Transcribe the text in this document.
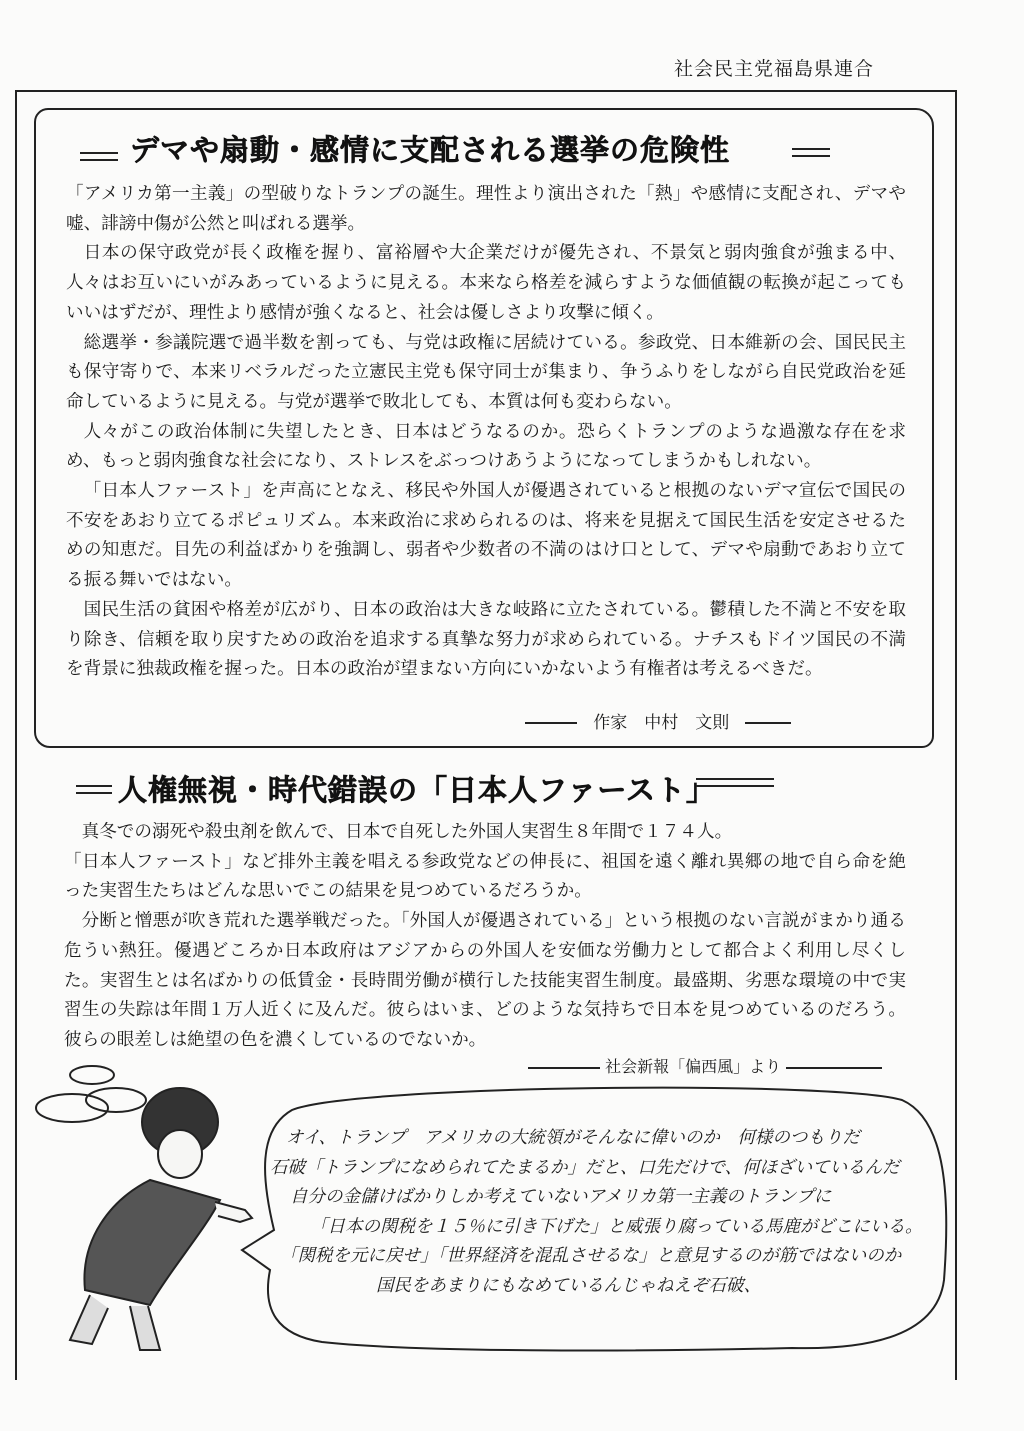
社会民主党福島県連合
デマや扇動・感情に支配される選挙の危険性

「アメリカ第一主義」の型破りなトランプの誕生。理性より演出された「熱」や感情に支配され、デマや嘘、誹謗中傷が公然と叫ばれる選挙。

日本の保守政党が長く政権を握り、富裕層や大企業だけが優先され、不景気と弱肉強食が強まる中、人々はお互いにいがみあっているように見える。本来なら格差を減らすような価値観の転換が起こってもいいはずだが、理性より感情が強くなると、社会は優しさより攻撃に傾く。

総選挙・参議院選で過半数を割っても、与党は政権に居続けている。参政党、日本維新の会、国民民主も保守寄りで、本来リベラルだった立憲民主党も保守同士が集まり、争うふりをしながら自民党政治を延命しているように見える。与党が選挙で敗北しても、本質は何も変わらない。

人々がこの政治体制に失望したとき、日本はどうなるのか。恐らくトランプのような過激な存在を求め、もっと弱肉強食な社会になり、ストレスをぶっつけあうようになってしまうかもしれない。

「日本人ファースト」を声高にとなえ、移民や外国人が優遇されていると根拠のないデマ宣伝で国民の不安をあおり立てるポピュリズム。本来政治に求められるのは、将来を見据えて国民生活を安定させるための知恵だ。目先の利益ばかりを強調し、弱者や少数者の不満のはけ口として、デマや扇動であおり立てる振る舞いではない。

国民生活の貧困や格差が広がり、日本の政治は大きな岐路に立たされている。鬱積した不満と不安を取り除き、信頼を取り戻すための政治を追求する真摯な努力が求められている。ナチスもドイツ国民の不満を背景に独裁政権を握った。日本の政治が望まない方向にいかないよう有権者は考えるべきだ。

作家　中村　文則
人権無視・時代錯誤の「日本人ファースト」

真冬での溺死や殺虫剤を飲んで、日本で自死した外国人実習生８年間で１７４人。

「日本人ファースト」など排外主義を唱える参政党などの伸長に、祖国を遠く離れ異郷の地で自ら命を絶った実習生たちはどんな思いでこの結果を見つめているだろうか。

分断と憎悪が吹き荒れた選挙戦だった。「外国人が優遇されている」という根拠のない言説がまかり通る危うい熱狂。優遇どころか日本政府はアジアからの外国人を安価な労働力として都合よく利用し尽くした。実習生とは名ばかりの低賃金・長時間労働が横行した技能実習生制度。最盛期、劣悪な環境の中で実習生の失踪は年間１万人近くに及んだ。彼らはいま、どのような気持ちで日本を見つめているのだろう。彼らの眼差しは絶望の色を濃くしているのでないか。

社会新報「偏西風」より
オイ、トランプ　アメリカの大統領がそんなに偉いのか　何様のつもりだ
石破「トランプになめられてたまるか」だと、口先だけで、何ほざいているんだ
自分の金儲けばかりしか考えていないアメリカ第一主義のトランプに
「日本の関税を１５％に引き下げた」と威張り腐っている馬鹿がどこにいる。
「関税を元に戻せ」「世界経済を混乱させるな」と意見するのが筋ではないのか
国民をあまりにもなめているんじゃねえぞ石破、
